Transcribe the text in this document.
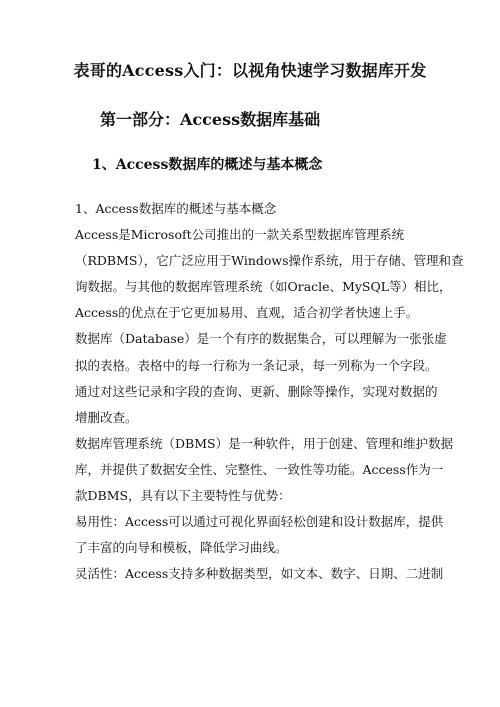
表哥的Access入门：以视角快速学习数据库开发
第一部分：Access数据库基础
1、Access数据库的概述与基本概念

1、Access数据库的概述与基本概念

Access是Microsoft公司推出的一款关系型数据库管理系统
（RDBMS），它广泛应用于Windows操作系统，用于存储、管理和查
询数据。与其他的数据库管理系统（如Oracle、MySQL等）相比，
Access的优点在于它更加易用、直观，适合初学者快速上手。

数据库（Database）是一个有序的数据集合，可以理解为一张张虚
拟的表格。表格中的每一行称为一条记录，每一列称为一个字段。
通过对这些记录和字段的查询、更新、删除等操作，实现对数据的
增删改查。

数据库管理系统（DBMS）是一种软件，用于创建、管理和维护数据
库，并提供了数据安全性、完整性、一致性等功能。Access作为一
款DBMS，具有以下主要特性与优势：

易用性：Access可以通过可视化界面轻松创建和设计数据库，提供
了丰富的向导和模板，降低学习曲线。

灵活性：Access支持多种数据类型，如文本、数字、日期、二进制
